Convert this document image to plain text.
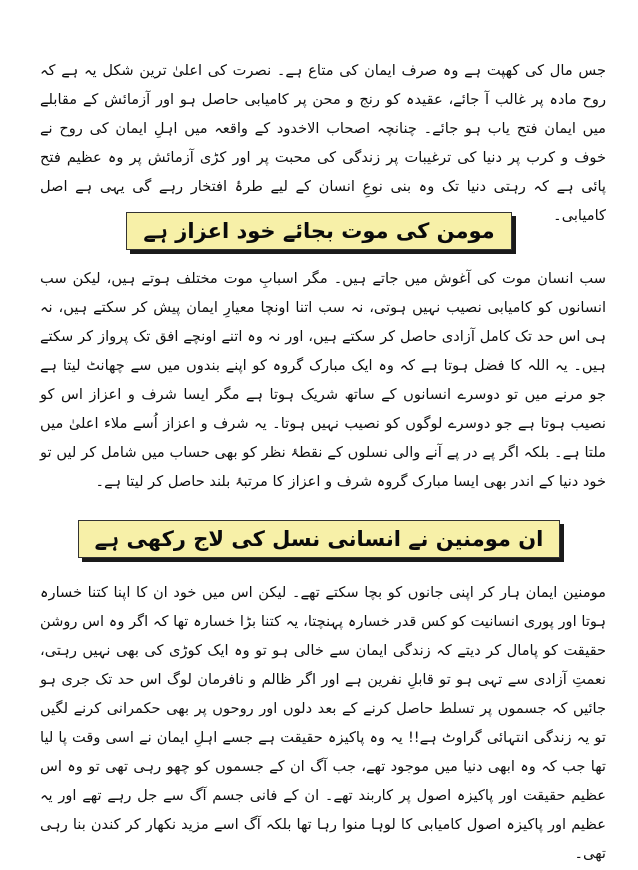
جس مال کی کھپت ہے وہ صرف ایمان کی متاع ہے۔ نصرت کی اعلیٰ ترین شکل یہ ہے کہ روح مادہ پر غالب آ جائے، عقیدہ کو رنج و محن پر کامیابی حاصل ہو اور آزمائش کے مقابلے میں ایمان فتح یاب ہو جائے۔ چنانچہ اصحاب الاخدود کے واقعہ میں اہلِ ایمان کی روح نے خوف و کرب پر دنیا کی ترغیبات پر زندگی کی محبت پر اور کڑی آزمائش پر وہ عظیم فتح پائی ہے کہ رہتی دنیا تک وہ بنی نوعِ انسان کے لیے طرۂ افتخار رہے گی یہی ہے اصل کامیابی۔

مومن کی موت بجائے خود اعزاز ہے

سب انسان موت کی آغوش میں جاتے ہیں۔ مگر اسبابِ موت مختلف ہوتے ہیں، لیکن سب انسانوں کو کامیابی نصیب نہیں ہوتی، نہ سب اتنا اونچا معیارِ ایمان پیش کر سکتے ہیں، نہ ہی اس حد تک کامل آزادی حاصل کر سکتے ہیں، اور نہ وہ اتنے اونچے افق تک پرواز کر سکتے ہیں۔ یہ اللہ کا فضل ہوتا ہے کہ وہ ایک مبارک گروہ کو اپنے بندوں میں سے چھانٹ لیتا ہے جو مرنے میں تو دوسرے انسانوں کے ساتھ شریک ہوتا ہے مگر ایسا شرف و اعزاز اس کو نصیب ہوتا ہے جو دوسرے لوگوں کو نصیب نہیں ہوتا۔ یہ شرف و اعزاز اُسے ملاء اعلیٰ میں ملتا ہے۔ بلکہ اگر پے در پے آنے والی نسلوں کے نقطۂ نظر کو بھی حساب میں شامل کر لیں تو خود دنیا کے اندر بھی ایسا مبارک گروہ شرف و اعزاز کا مرتبۂ بلند حاصل کر لیتا ہے۔

ان مومنین نے انسانی نسل کی لاج رکھی ہے

مومنین ایمان ہار کر اپنی جانوں کو بچا سکتے تھے۔ لیکن اس میں خود ان کا اپنا کتنا خسارہ ہوتا اور پوری انسانیت کو کس قدر خسارہ پہنچتا، یہ کتنا بڑا خسارہ تھا کہ اگر وہ اس روشن حقیقت کو پامال کر دیتے کہ زندگی ایمان سے خالی ہو تو وہ ایک کوڑی کی بھی نہیں رہتی، نعمتِ آزادی سے تہی ہو تو قابلِ نفرین ہے اور اگر ظالم و نافرمان لوگ اس حد تک جری ہو جائیں کہ جسموں پر تسلط حاصل کرنے کے بعد دلوں اور روحوں پر بھی حکمرانی کرنے لگیں تو یہ زندگی انتہائی گراوٹ ہے!! یہ وہ پاکیزہ حقیقت ہے جسے اہلِ ایمان نے اسی وقت پا لیا تھا جب کہ وہ ابھی دنیا میں موجود تھے، جب آگ ان کے جسموں کو چھو رہی تھی تو وہ اس عظیم حقیقت اور پاکیزہ اصول پر کاربند تھے۔ ان کے فانی جسم آگ سے جل رہے تھے اور یہ عظیم اور پاکیزہ اصول کامیابی کا لوہا منوا رہا تھا بلکہ آگ اسے مزید نکھار کر کندن بنا رہی تھی۔
